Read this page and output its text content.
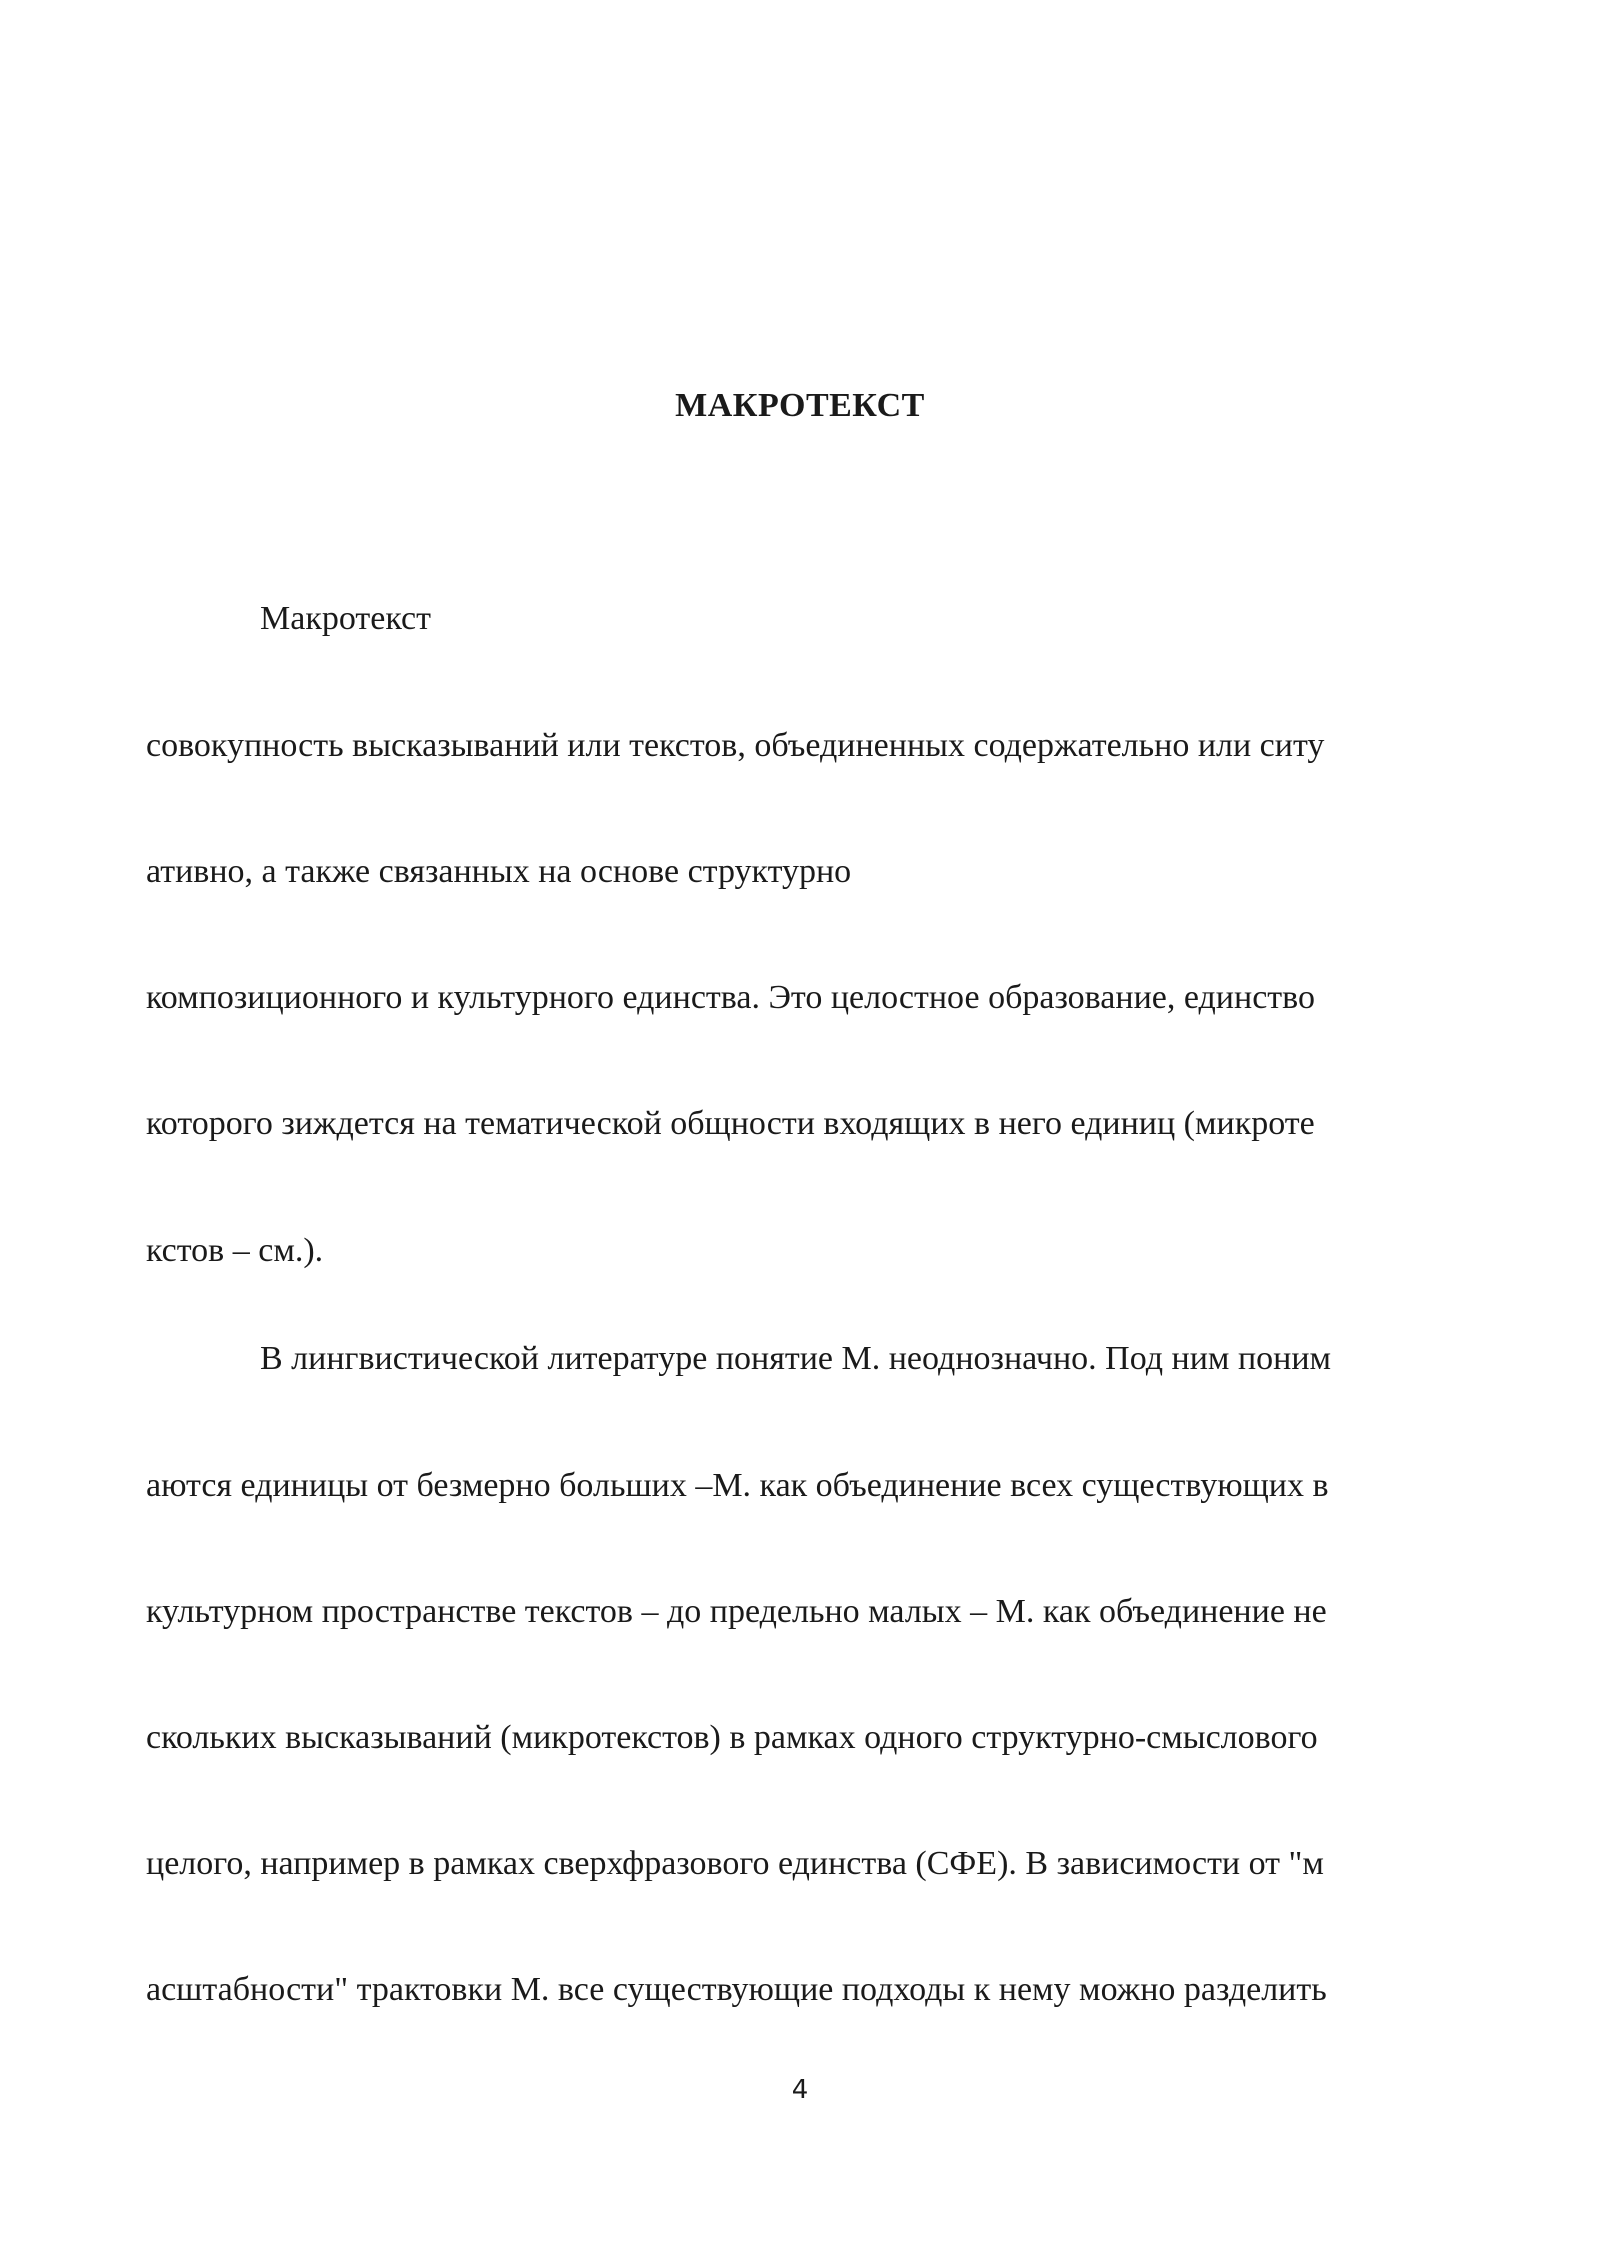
МАКРОТЕКСТ
Макротекст
совокупность высказываний или текстов, объединенных содержательно или ситу
ативно, а также связанных на основе структурно
композиционного и культурного единства. Это целостное образование, единство
которого зиждется на тематической общности входящих в него единиц (микроте
кстов – см.).
В лингвистической литературе понятие М. неоднозначно. Под ним поним
аются единицы от безмерно больших –М. как объединение всех существующих в
культурном пространстве текстов – до предельно малых – М. как объединение не
скольких высказываний (микротекстов) в рамках одного структурно-смыслового
целого, например в рамках сверхфразового единства (СФЕ). В зависимости от "м
асштабности" трактовки М. все существующие подходы к нему можно разделить
4
